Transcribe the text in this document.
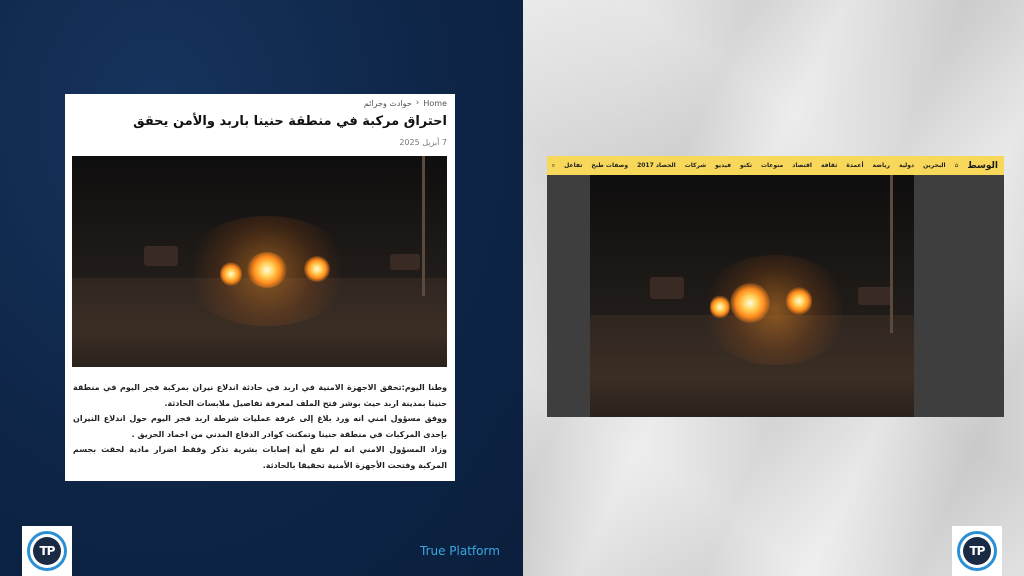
Home
‹
حوادث وجرائم
احتراق مركبة في منطقة حنينا باربد والأمن يحقق
7 أبريل 2025

وطنا اليوم:تحقق الاجهزة الامنية في اربد في حادثة اندلاع نيران بمركبة فجر اليوم في منطقة حنينا بمدينة اربد حيث بوشر فتح الملف لمعرفة تفاصيل ملابسات الحادثة.

ووفق مسؤول امني انه ورد بلاغ إلى غرفة عمليات شرطة اربد فجر اليوم حول اندلاع النيران بإحدى المركبات في منطقة حنينا وتمكنت كوادر الدفاع المدني من اخماد الحريق .

وزاد المسؤول الامني انه لم تقع أية إصابات بشرية تذكر وفقط اضرار مادية لحقت بجسم المركبة وفتحت الأجهزة الأمنية تحقيقا بالحادثة.

الوسط
⌂
البحرين
دولية
رياضة
أعمدة
ثقافة
اقتصاد
منوعات
تكنو
فيديو
شركات
الحصاد 2017
وصفات طبخ
تفاعل
⌕
TP	True Platform	TP
